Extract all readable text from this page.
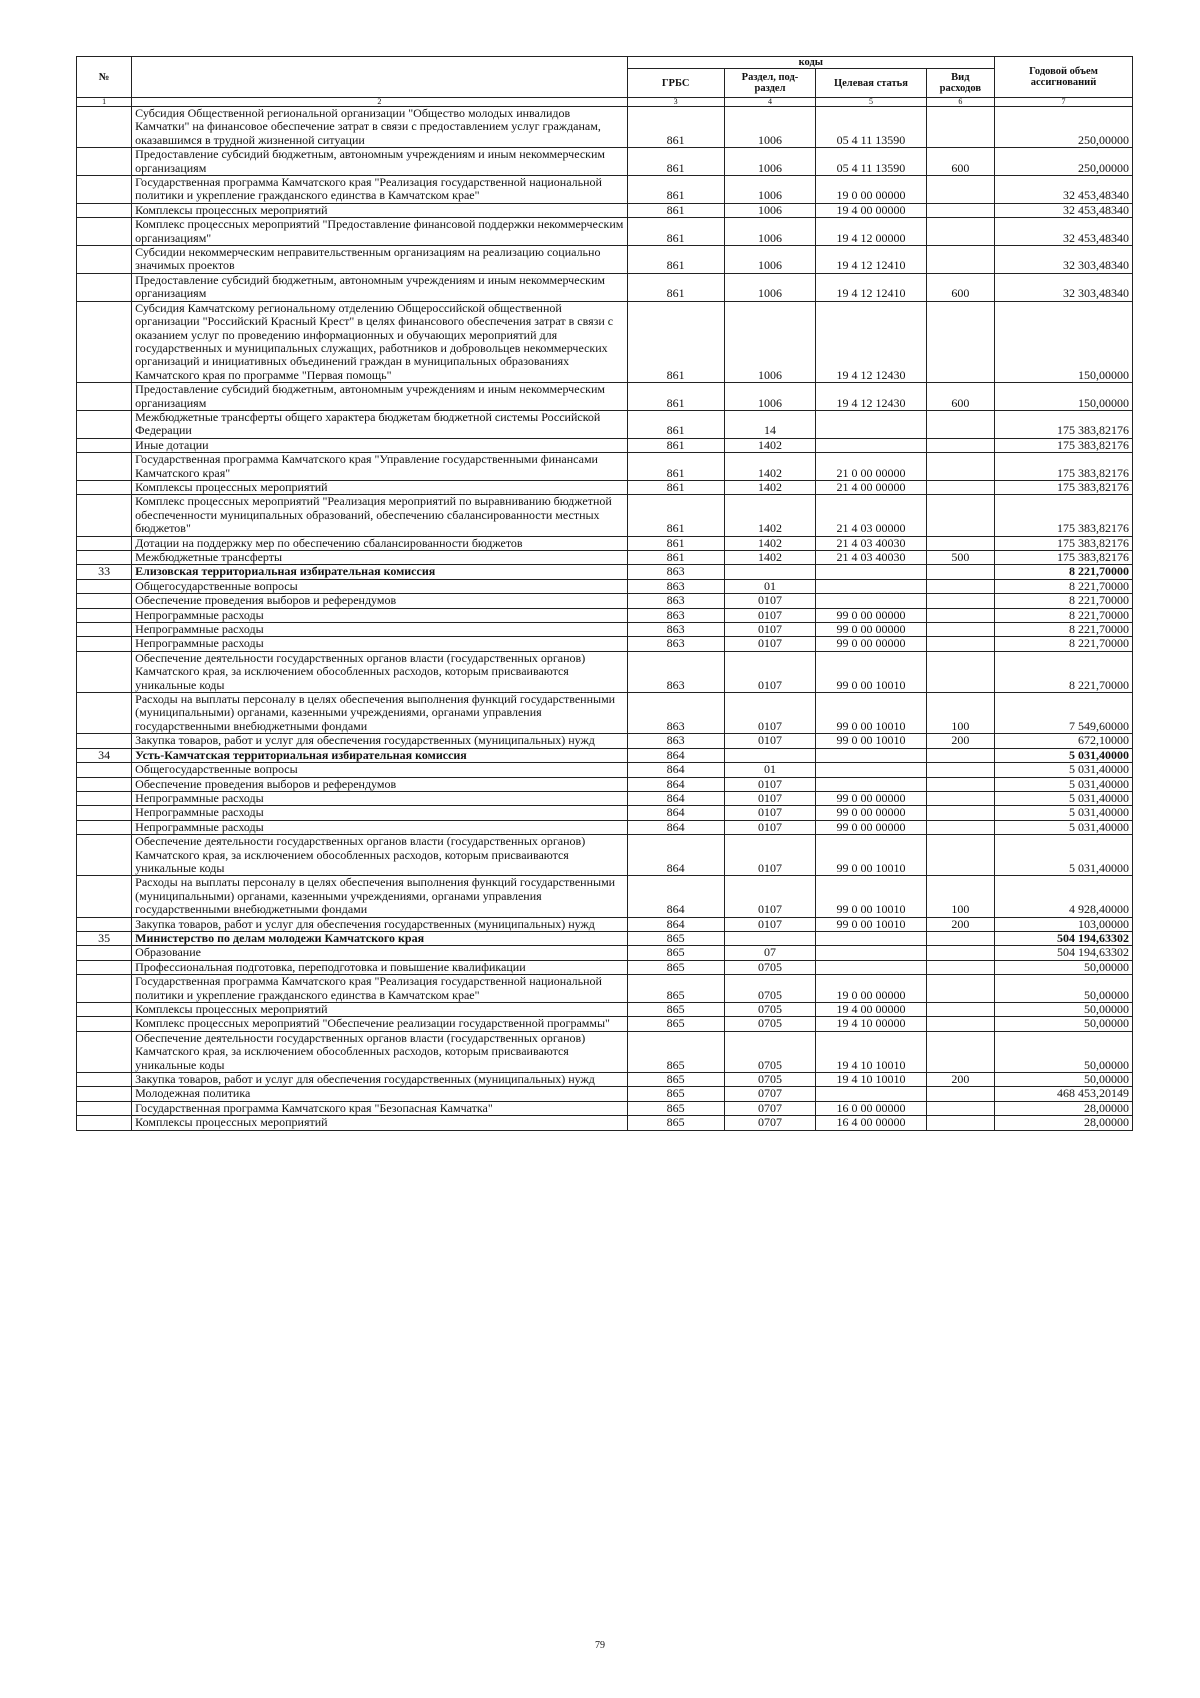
№		коды				Годовой объем ассигнований
		ГРБС	Раздел, под-раздел	Целевая статья	Вид расходов	
1	2	3	4	5	6	7
	Субсидия Общественной региональной организации "Общество молодых инвалидов Камчатки" на финансовое обеспечение затрат в связи с предоставлением услуг гражданам, оказавшимся в трудной жизненной ситуации	861	1006	05 4 11 13590		250,00000
	Предоставление субсидий бюджетным, автономным учреждениям и иным некоммерческим организациям	861	1006	05 4 11 13590	600	250,00000
	Государственная программа Камчатского края "Реализация государственной национальной политики и укрепление гражданского единства в Камчатском крае"	861	1006	19 0 00 00000		32 453,48340
	Комплексы процессных мероприятий	861	1006	19 4 00 00000		32 453,48340
	Комплекс процессных мероприятий "Предоставление финансовой поддержки некоммерческим организациям"	861	1006	19 4 12 00000		32 453,48340
	Субсидии некоммерческим неправительственным организациям на реализацию социально значимых проектов	861	1006	19 4 12 12410		32 303,48340
	Предоставление субсидий бюджетным, автономным учреждениям и иным некоммерческим организациям	861	1006	19 4 12 12410	600	32 303,48340
	Субсидия Камчатскому региональному отделению Общероссийской общественной организации "Российский Красный Крест" в целях финансового обеспечения затрат в связи с оказанием услуг по проведению информационных и обучающих мероприятий для государственных и муниципальных служащих, работников и добровольцев некоммерческих организаций и инициативных объединений граждан в муниципальных образованиях Камчатского края по программе "Первая помощь"	861	1006	19 4 12 12430		150,00000
	Предоставление субсидий бюджетным, автономным учреждениям и иным некоммерческим организациям	861	1006	19 4 12 12430	600	150,00000
	Межбюджетные трансферты общего характера бюджетам бюджетной системы Российской Федерации	861	14			175 383,82176
	Иные дотации	861	1402			175 383,82176
	Государственная программа Камчатского края "Управление государственными финансами Камчатского края"	861	1402	21 0 00 00000		175 383,82176
	Комплексы процессных мероприятий	861	1402	21 4 00 00000		175 383,82176
	Комплекс процессных мероприятий "Реализация мероприятий по выравниванию бюджетной обеспеченности муниципальных образований, обеспечению сбалансированности местных бюджетов"	861	1402	21 4 03 00000		175 383,82176
	Дотации на поддержку мер по обеспечению сбалансированности бюджетов	861	1402	21 4 03 40030		175 383,82176
	Межбюджетные трансферты	861	1402	21 4 03 40030	500	175 383,82176
33	Елизовская территориальная избирательная комиссия	863				8 221,70000
	Общегосударственные вопросы	863	01			8 221,70000
	Обеспечение проведения выборов и референдумов	863	0107			8 221,70000
	Непрограммные расходы	863	0107	99 0 00 00000		8 221,70000
	Непрограммные расходы	863	0107	99 0 00 00000		8 221,70000
	Непрограммные расходы	863	0107	99 0 00 00000		8 221,70000
	Обеспечение деятельности государственных органов власти (государственных органов) Камчатского края, за исключением обособленных расходов, которым присваиваются уникальные коды	863	0107	99 0 00 10010		8 221,70000
	Расходы на выплаты персоналу в целях обеспечения выполнения функций государственными (муниципальными) органами, казенными учреждениями, органами управления государственными внебюджетными фондами	863	0107	99 0 00 10010	100	7 549,60000
	Закупка товаров, работ и услуг для обеспечения государственных (муниципальных) нужд	863	0107	99 0 00 10010	200	672,10000
34	Усть-Камчатская территориальная избирательная комиссия	864				5 031,40000
	Общегосударственные вопросы	864	01			5 031,40000
	Обеспечение проведения выборов и референдумов	864	0107			5 031,40000
	Непрограммные расходы	864	0107	99 0 00 00000		5 031,40000
	Непрограммные расходы	864	0107	99 0 00 00000		5 031,40000
	Непрограммные расходы	864	0107	99 0 00 00000		5 031,40000
	Обеспечение деятельности государственных органов власти (государственных органов) Камчатского края, за исключением обособленных расходов, которым присваиваются уникальные коды	864	0107	99 0 00 10010		5 031,40000
	Расходы на выплаты персоналу в целях обеспечения выполнения функций государственными (муниципальными) органами, казенными учреждениями, органами управления государственными внебюджетными фондами	864	0107	99 0 00 10010	100	4 928,40000
	Закупка товаров, работ и услуг для обеспечения государственных (муниципальных) нужд	864	0107	99 0 00 10010	200	103,00000
35	Министерство по делам молодежи Камчатского края	865				504 194,63302
	Образование	865	07			504 194,63302
	Профессиональная подготовка, переподготовка и повышение квалификации	865	0705			50,00000
	Государственная программа Камчатского края "Реализация государственной национальной политики и укрепление гражданского единства в Камчатском крае"	865	0705	19 0 00 00000		50,00000
	Комплексы процессных мероприятий	865	0705	19 4 00 00000		50,00000
	Комплекс процессных мероприятий "Обеспечение реализации государственной программы"	865	0705	19 4 10 00000		50,00000
	Обеспечение деятельности государственных органов власти (государственных органов) Камчатского края, за исключением обособленных расходов, которым присваиваются уникальные коды	865	0705	19 4 10 10010		50,00000
	Закупка товаров, работ и услуг для обеспечения государственных (муниципальных) нужд	865	0705	19 4 10 10010	200	50,00000
	Молодежная политика	865	0707			468 453,20149
	Государственная программа Камчатского края "Безопасная Камчатка"	865	0707	16 0 00 00000		28,00000
	Комплексы процессных мероприятий	865	0707	16 4 00 00000		28,00000
79
